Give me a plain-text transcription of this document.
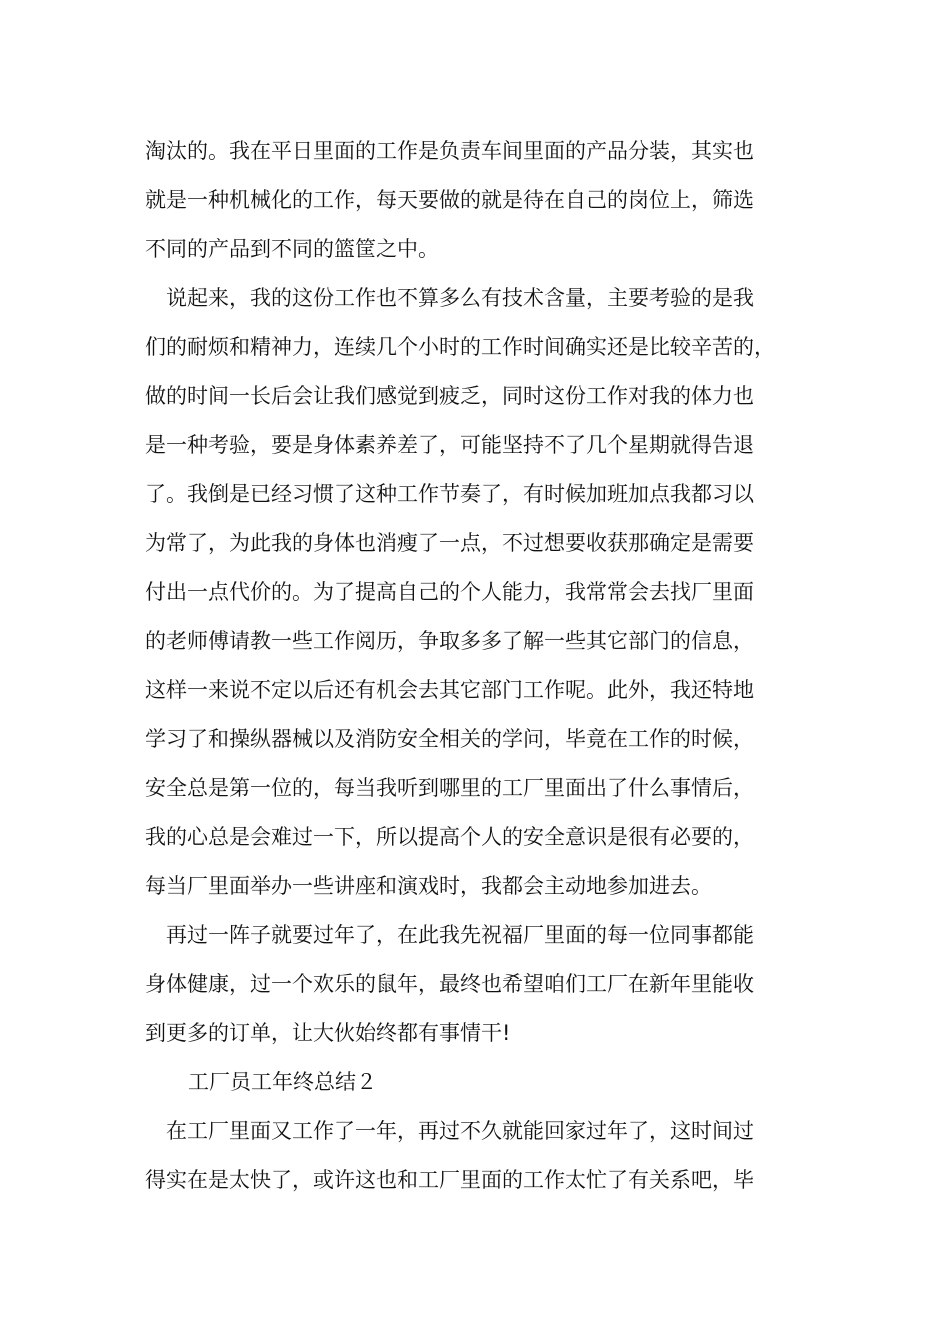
淘汰的。我在平日里面的工作是负责车间里面的产品分装，其实也
就是一种机械化的工作，每天要做的就是待在自己的岗位上，筛选
不同的产品到不同的篮筐之中。
说起来，我的这份工作也不算多么有技术含量，主要考验的是我
们的耐烦和精神力，连续几个小时的工作时间确实还是比较辛苦的，
做的时间一长后会让我们感觉到疲乏，同时这份工作对我的体力也
是一种考验，要是身体素养差了，可能坚持不了几个星期就得告退
了。我倒是已经习惯了这种工作节奏了，有时候加班加点我都习以
为常了，为此我的身体也消瘦了一点，不过想要收获那确定是需要
付出一点代价的。为了提高自己的个人能力，我常常会去找厂里面
的老师傅请教一些工作阅历，争取多多了解一些其它部门的信息，
这样一来说不定以后还有机会去其它部门工作呢。此外，我还特地
学习了和操纵器械以及消防安全相关的学问，毕竟在工作的时候，
安全总是第一位的，每当我听到哪里的工厂里面出了什么事情后，
我的心总是会难过一下，所以提高个人的安全意识是很有必要的，
每当厂里面举办一些讲座和演戏时，我都会主动地参加进去。
再过一阵子就要过年了，在此我先祝福厂里面的每一位同事都能
身体健康，过一个欢乐的鼠年，最终也希望咱们工厂在新年里能收
到更多的订单，让大伙始终都有事情干!
工厂员工年终总结２
在工厂里面又工作了一年，再过不久就能回家过年了，这时间过
得实在是太快了，或许这也和工厂里面的工作太忙了有关系吧，毕
